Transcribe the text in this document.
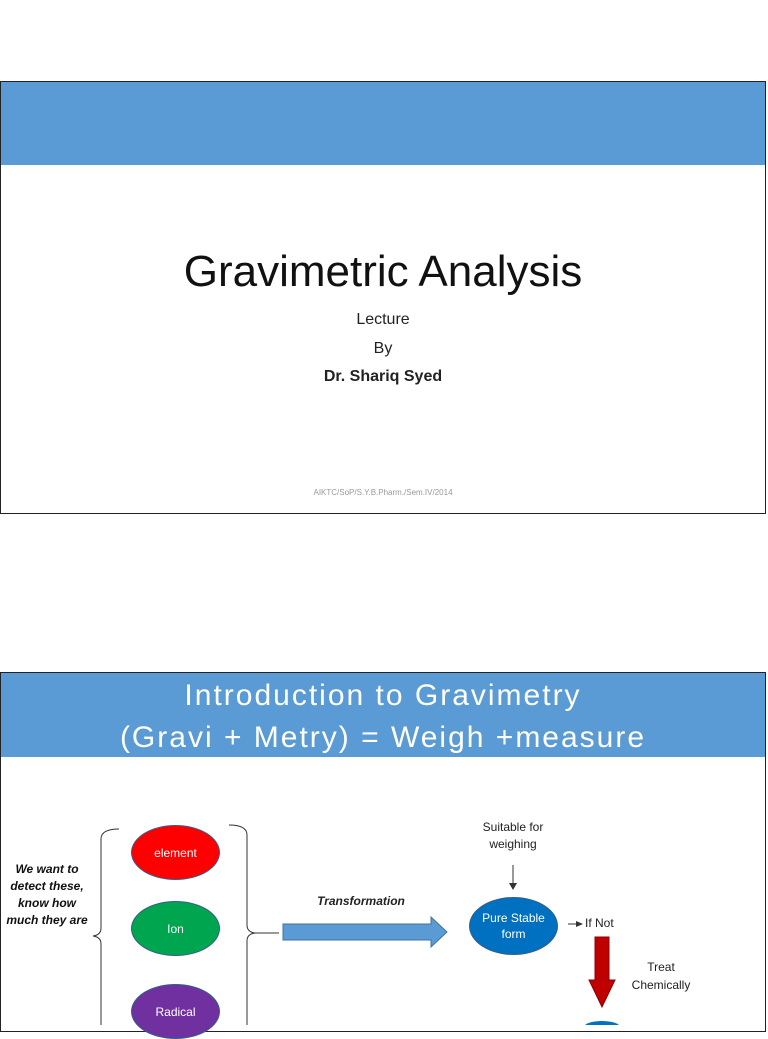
Gravimetric Analysis
Lecture
By
Dr. Shariq Syed
AIKTC/SoP/S.Y.B.Pharm./Sem.IV/2014
Introduction to Gravimetry
(Gravi + Metry) = Weigh +measure
We want to detect these, know how much they are
element
Ion
Radical
Pure Stable form
Suitable for weighing
Transformation
If Not
Treat Chemically
